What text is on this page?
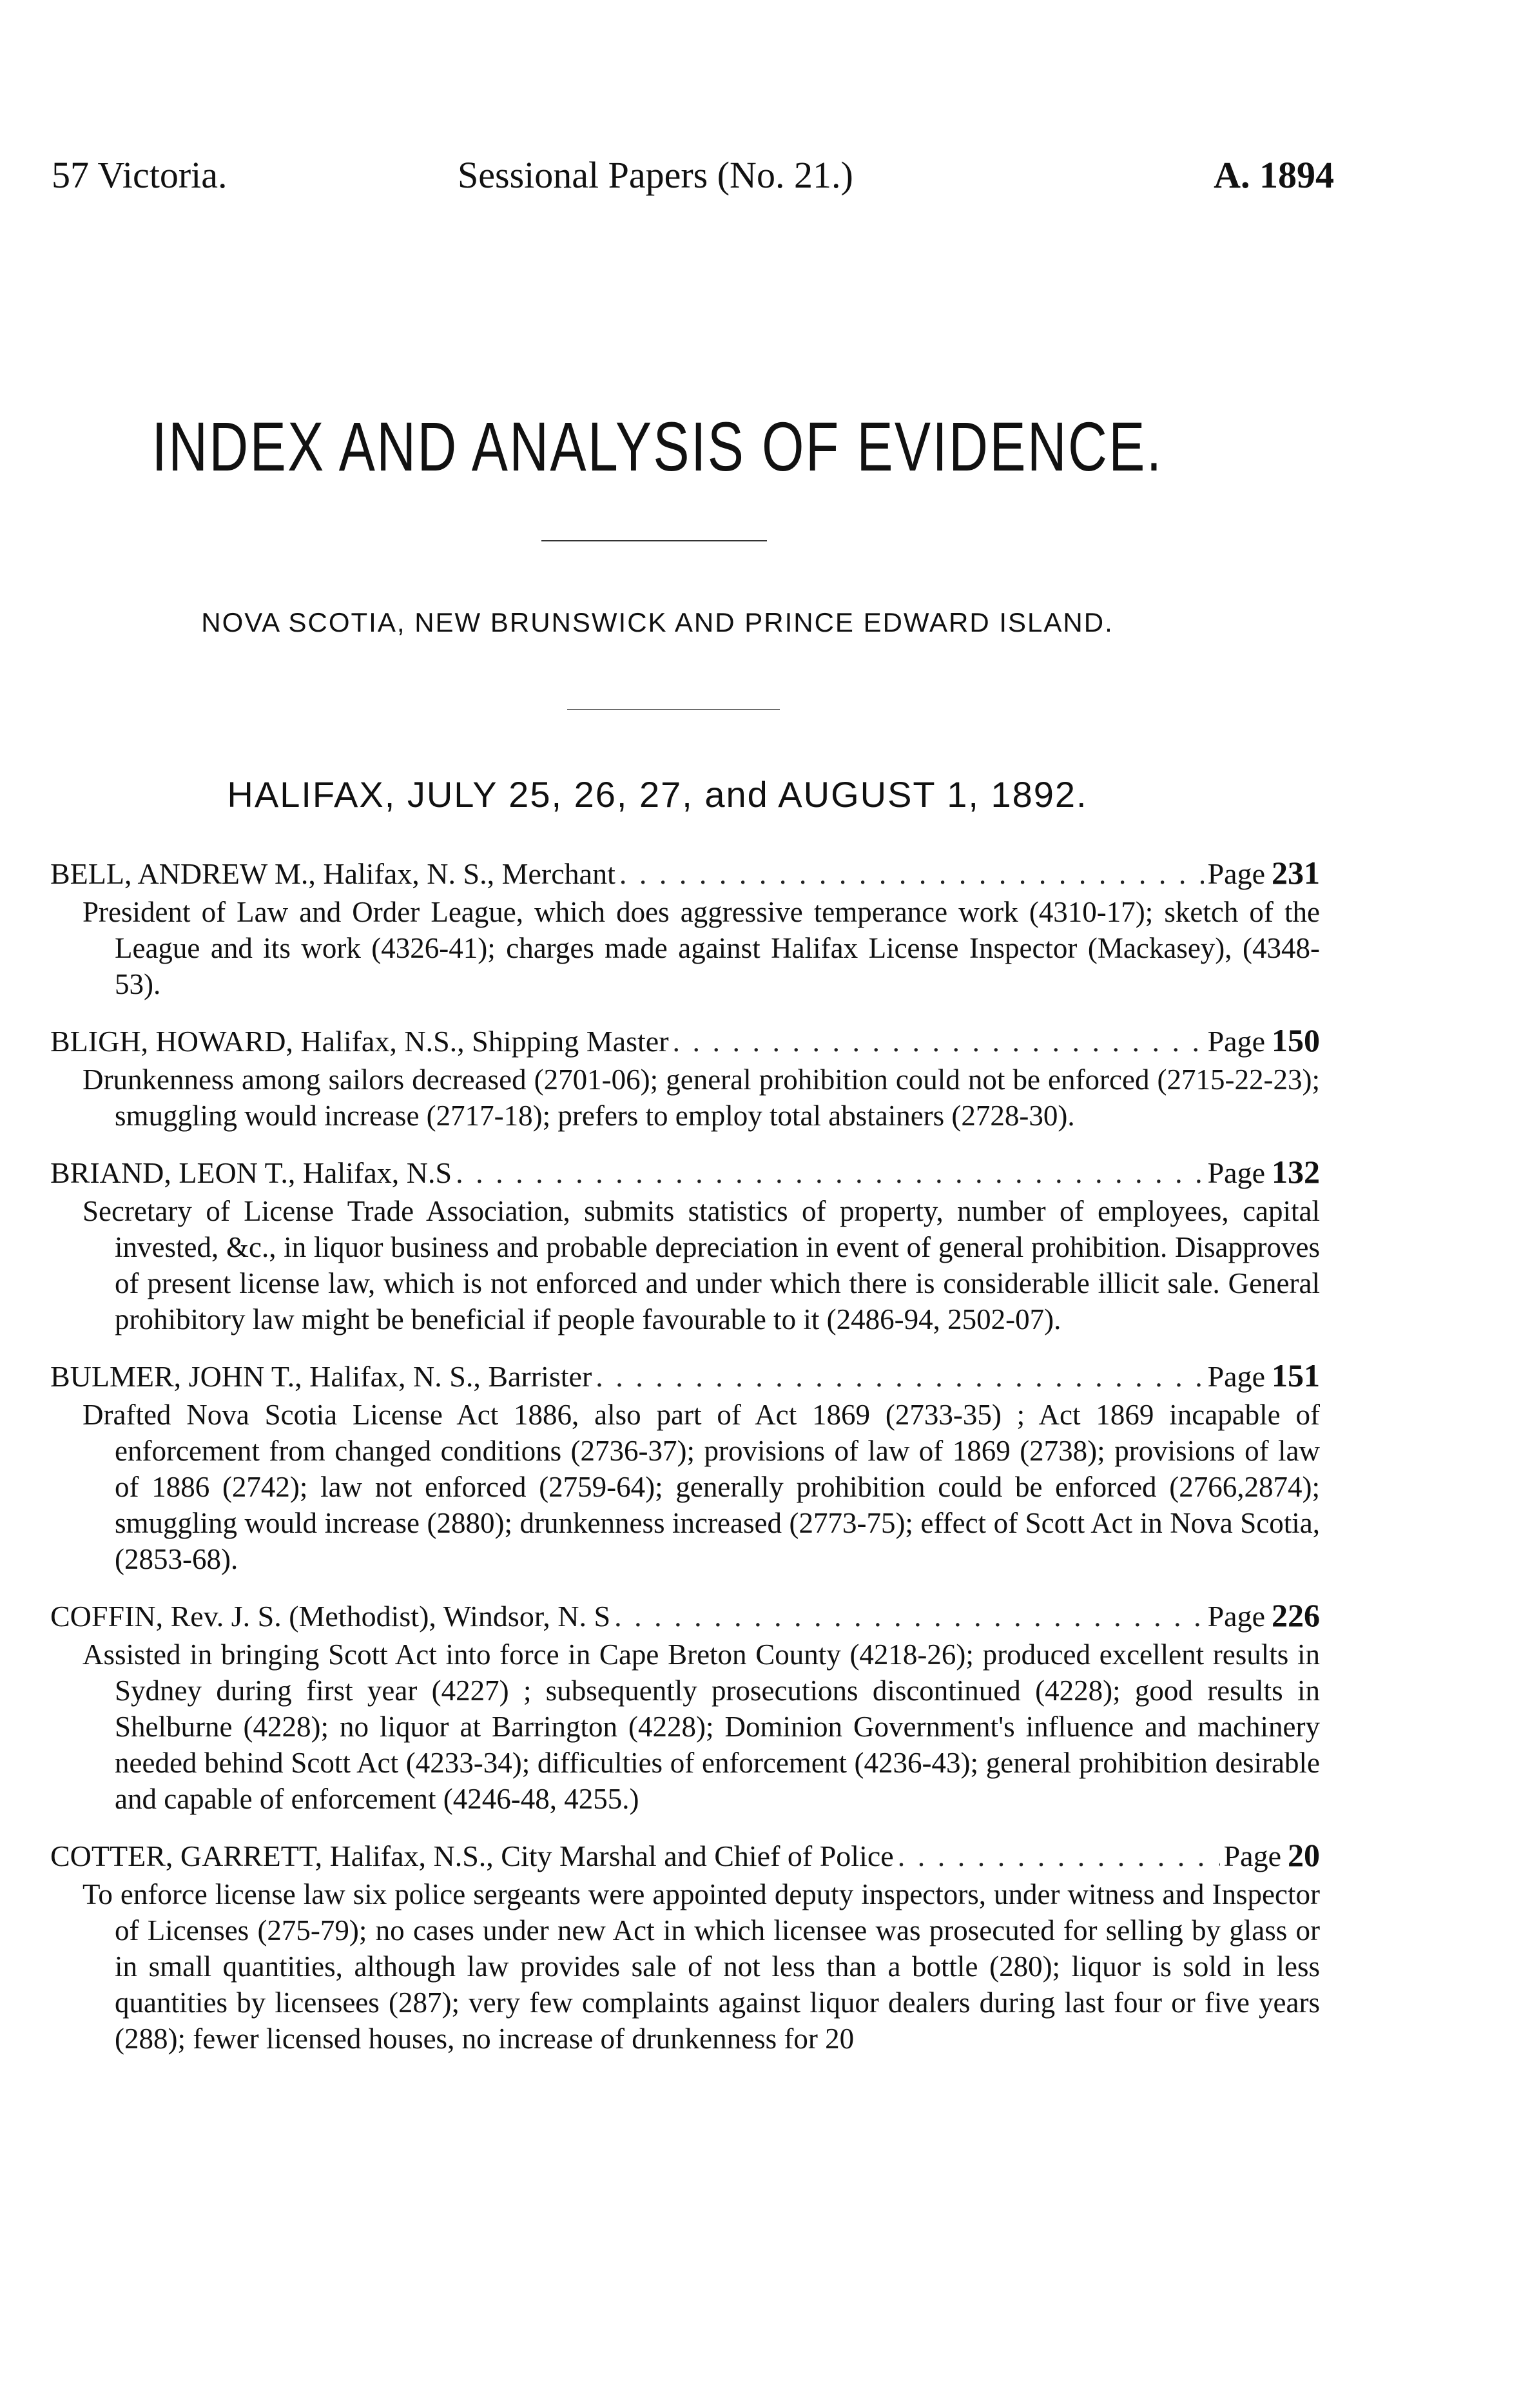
57 Victoria.	Sessional Papers (No. 21.)	A. 1894
INDEX AND ANALYSIS OF EVIDENCE.
NOVA SCOTIA, NEW BRUNSWICK AND PRINCE EDWARD ISLAND.
HALIFAX, JULY 25, 26, 27, and AUGUST 1, 1892.
BELL, ANDREW M., Halifax, N. S., Merchant . . .	Page 231
President of Law and Order League, which does aggressive temperance work (4310-17); sketch of the League and its work (4326-41); charges made against Halifax License Inspector (Mackasey), (4348-53).
BLIGH, HOWARD, Halifax, N.S., Shipping Master . . .	Page 150
Drunkenness among sailors decreased (2701-06); general prohibition could not be enforced (2715-22-23); smuggling would increase (2717-18); prefers to employ total abstainers (2728-30).
BRIAND, LEON T., Halifax, N.S . . .	Page 132
Secretary of License Trade Association, submits statistics of property, number of employees, capital invested, &c., in liquor business and probable depreciation in event of general prohibition. Disapproves of present license law, which is not enforced and under which there is considerable illicit sale. General prohibitory law might be beneficial if people favourable to it (2486-94, 2502-07).
BULMER, JOHN T., Halifax, N. S., Barrister . . .	Page 151
Drafted Nova Scotia License Act 1886, also part of Act 1869 (2733-35) ; Act 1869 incapable of enforcement from changed conditions (2736-37); provisions of law of 1869 (2738); provisions of law of 1886 (2742); law not enforced (2759-64); generally prohibition could be enforced (2766,2874); smuggling would increase (2880); drunkenness increased (2773-75); effect of Scott Act in Nova Scotia, (2853-68).
COFFIN, Rev. J. S. (Methodist), Windsor, N. S . . .	Page 226
Assisted in bringing Scott Act into force in Cape Breton County (4218-26); produced excellent results in Sydney during first year (4227) ; subsequently prosecutions discontinued (4228); good results in Shelburne (4228); no liquor at Barrington (4228); Dominion Government's influence and machinery needed behind Scott Act (4233-34); difficulties of enforcement (4236-43); general prohibition desirable and capable of enforcement (4246-48, 4255.)
COTTER, GARRETT, Halifax, N.S., City Marshal and Chief of Police . . .	Page 20
To enforce license law six police sergeants were appointed deputy inspectors, under witness and Inspector of Licenses (275-79); no cases under new Act in which licensee was prosecuted for selling by glass or in small quantities, although law provides sale of not less than a bottle (280); liquor is sold in less quantities by licensees (287); very few complaints against liquor dealers during last four or five years (288); fewer licensed houses, no increase of drunkenness for 20
